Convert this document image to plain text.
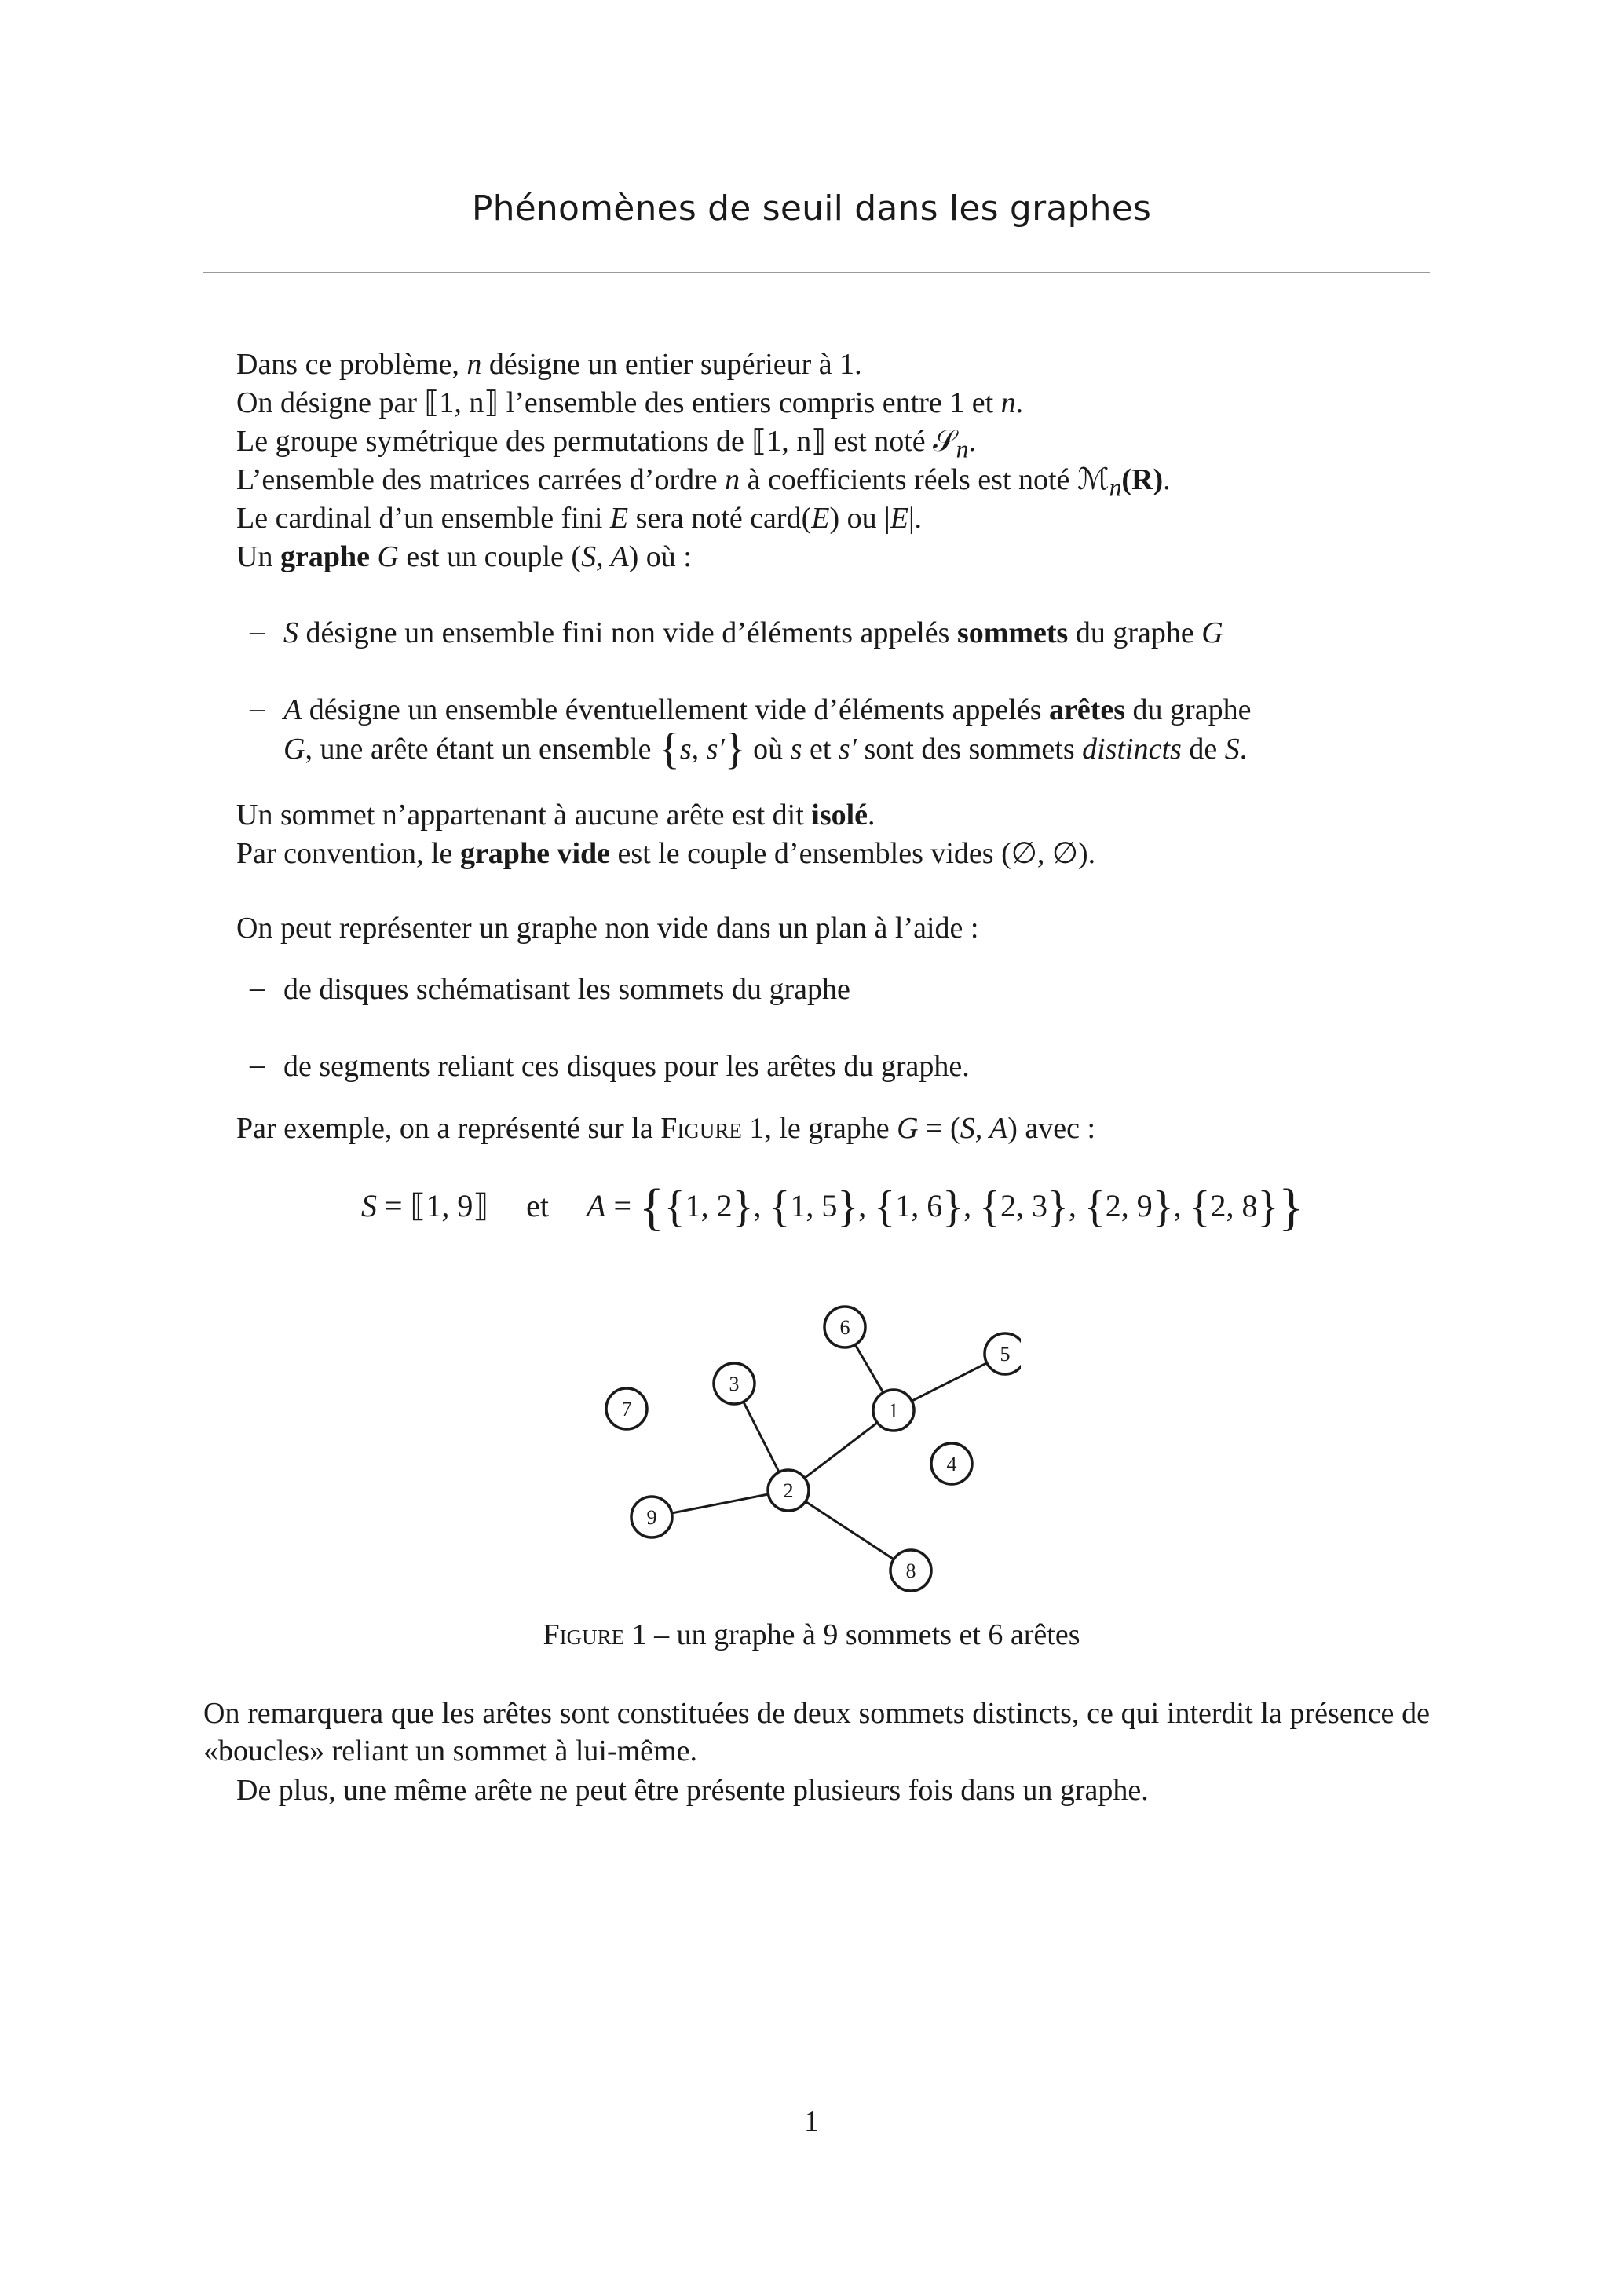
Phénomènes de seuil dans les graphes
Dans ce problème, n désigne un entier supérieur à 1.
On désigne par ⟦1, n⟧ l’ensemble des entiers compris entre 1 et n.
Le groupe symétrique des permutations de ⟦1, n⟧ est noté 𝒮$_n$.
L’ensemble des matrices carrées d’ordre n à coefficients réels est noté ℳ$_n$(R).
Le cardinal d’un ensemble fini E sera noté card(E) ou |E|.
Un graphe G est un couple (S, A) où :
– S désigne un ensemble fini non vide d’éléments appelés sommets du graphe G
– A désigne un ensemble éventuellement vide d’éléments appelés arêtes du graphe
G, une arête étant un ensemble {s, s′} où s et s′ sont des sommets distincts de S.
Un sommet n’appartenant à aucune arête est dit isolé.
Par convention, le graphe vide est le couple d’ensembles vides (∅, ∅).
On peut représenter un graphe non vide dans un plan à l’aide :
– de disques schématisant les sommets du graphe
– de segments reliant ces disques pour les arêtes du graphe.
Par exemple, on a représenté sur la Figure 1, le graphe G = (S, A) avec :
S = ⟦1, 9⟧ et A = {{1, 2}, {1, 5}, {1, 6}, {2, 3}, {2, 9}, {2, 8}}
1
2
3
4
5
6
7
8
9
Figure 1 – un graphe à 9 sommets et 6 arêtes
On remarquera que les arêtes sont constituées de deux sommets distincts, ce qui interdit la présence de «boucles» reliant un sommet à lui-même.
De plus, une même arête ne peut être présente plusieurs fois dans un graphe.
1
